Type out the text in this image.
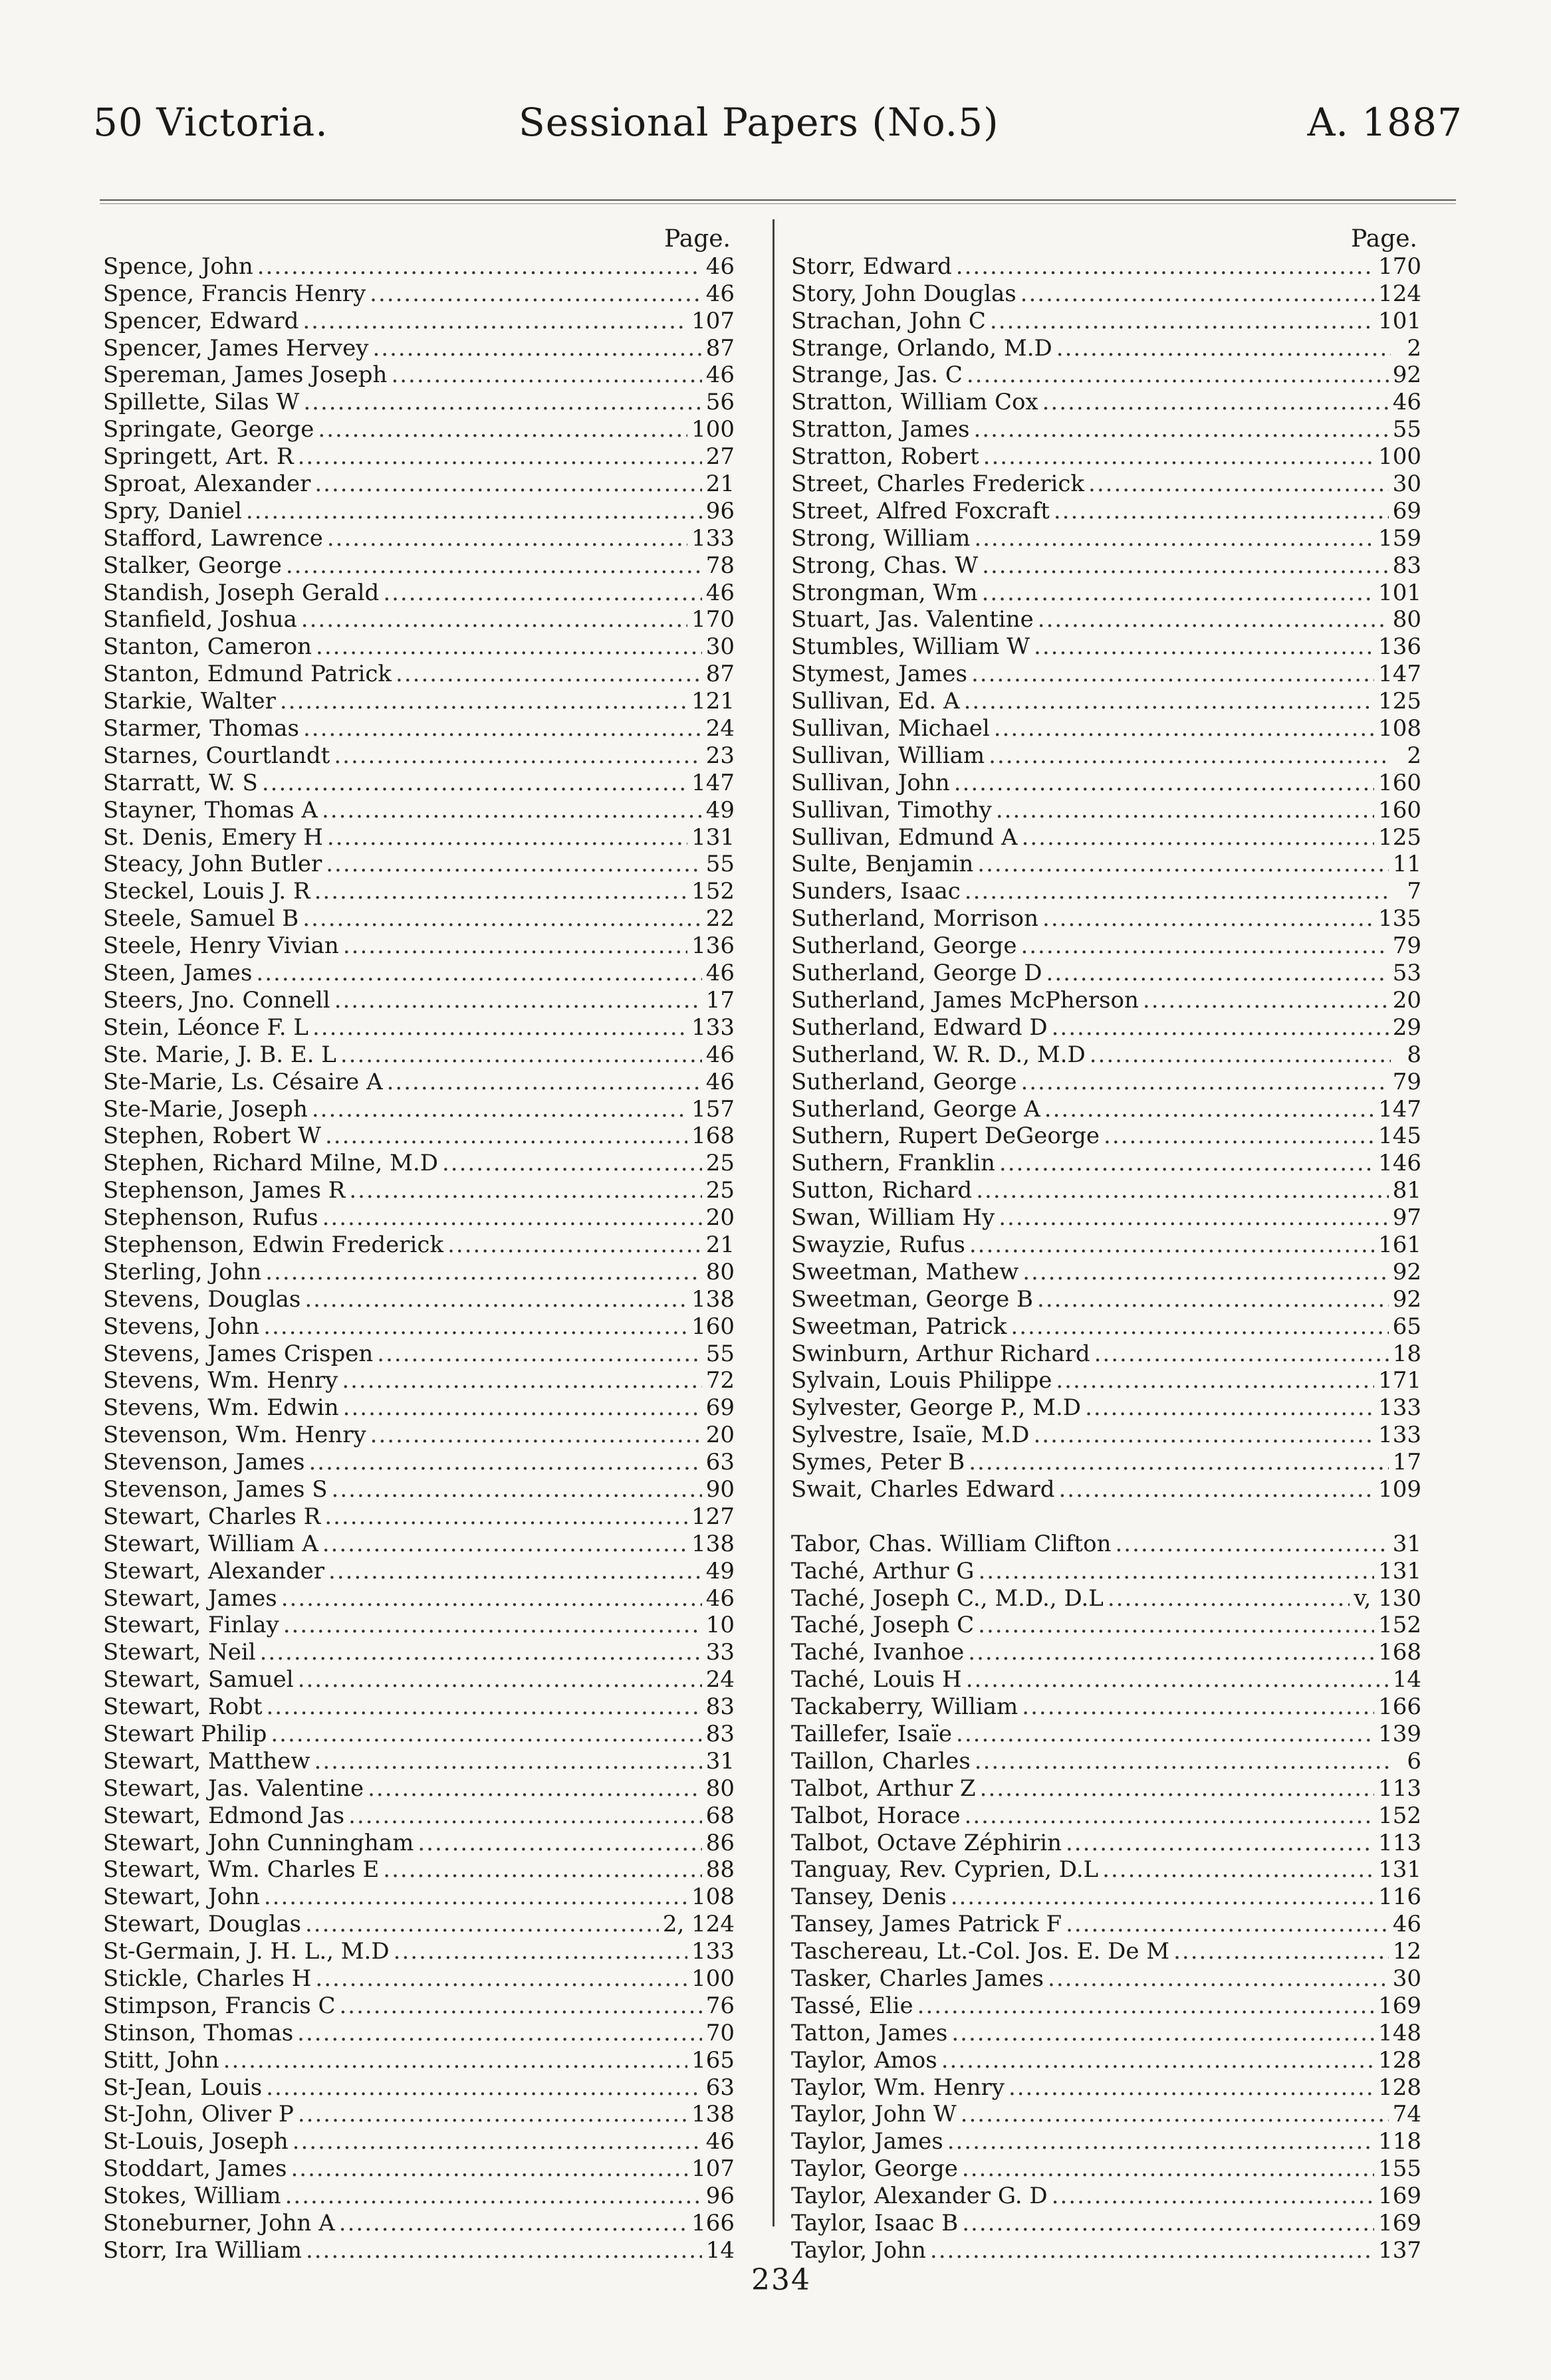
50 Victoria.	Sessional Papers (No.5)	A. 1887
Page.
Spence, John .....	46
Spence, Francis Henry .....	46
Spencer, Edward .....	107
Spencer, James Hervey .....	87
Spereman, James Joseph .....	46
Spillette, Silas W .....	56
Springate, George .....	100
Springett, Art. R .....	27
Sproat, Alexander .....	21
Spry, Daniel .....	96
Stafford, Lawrence .....	133
Stalker, George .....	78
Standish, Joseph Gerald .....	46
Stanfield, Joshua .....	170
Stanton, Cameron .....	30
Stanton, Edmund Patrick .....	87
Starkie, Walter .....	121
Starmer, Thomas .....	24
Starnes, Courtlandt .....	23
Starratt, W. S .....	147
Stayner, Thomas A .....	49
St. Denis, Emery H .....	131
Steacy, John Butler .....	55
Steckel, Louis J. R .....	152
Steele, Samuel B .....	22
Steele, Henry Vivian .....	136
Steen, James .....	46
Steers, Jno. Connell .....	17
Stein, Léonce F. L .....	133
Ste. Marie, J. B. E. L .....	46
Ste-Marie, Ls. Césaire A .....	46
Ste-Marie, Joseph .....	157
Stephen, Robert W .....	168
Stephen, Richard Milne, M.D .....	25
Stephenson, James R .....	25
Stephenson, Rufus .....	20
Stephenson, Edwin Frederick .....	21
Sterling, John .....	80
Stevens, Douglas .....	138
Stevens, John .....	160
Stevens, James Crispen .....	55
Stevens, Wm. Henry .....	72
Stevens, Wm. Edwin .....	69
Stevenson, Wm. Henry .....	20
Stevenson, James .....	63
Stevenson, James S .....	90
Stewart, Charles R .....	127
Stewart, William A .....	138
Stewart, Alexander .....	49
Stewart, James .....	46
Stewart, Finlay .....	10
Stewart, Neil .....	33
Stewart, Samuel .....	24
Stewart, Robt .....	83
Stewart Philip .....	83
Stewart, Matthew .....	31
Stewart, Jas. Valentine .....	80
Stewart, Edmond Jas .....	68
Stewart, John Cunningham .....	86
Stewart, Wm. Charles E .....	88
Stewart, John .....	108
Stewart, Douglas .....	2, 124
St-Germain, J. H. L., M.D .....	133
Stickle, Charles H .....	100
Stimpson, Francis C .....	76
Stinson, Thomas .....	70
Stitt, John .....	165
St-Jean, Louis .....	63
St-John, Oliver P .....	138
St-Louis, Joseph .....	46
Stoddart, James .....	107
Stokes, William .....	96
Stoneburner, John A .....	166
Storr, Ira William .....	14
Page.
Storr, Edward .....	170
Story, John Douglas .....	124
Strachan, John C .....	101
Strange, Orlando, M.D .....	2
Strange, Jas. C .....	92
Stratton, William Cox .....	46
Stratton, James .....	55
Stratton, Robert .....	100
Street, Charles Frederick .....	30
Street, Alfred Foxcraft .....	69
Strong, William .....	159
Strong, Chas. W .....	83
Strongman, Wm .....	101
Stuart, Jas. Valentine .....	80
Stumbles, William W .....	136
Stymest, James .....	147
Sullivan, Ed. A .....	125
Sullivan, Michael .....	108
Sullivan, William .....	2
Sullivan, John .....	160
Sullivan, Timothy .....	160
Sullivan, Edmund A .....	125
Sulte, Benjamin .....	11
Sunders, Isaac .....	7
Sutherland, Morrison .....	135
Sutherland, George .....	79
Sutherland, George D .....	53
Sutherland, James McPherson .....	20
Sutherland, Edward D .....	29
Sutherland, W. R. D., M.D .....	8
Sutherland, George .....	79
Sutherland, George A .....	147
Suthern, Rupert DeGeorge .....	145
Suthern, Franklin .....	146
Sutton, Richard .....	81
Swan, William Hy .....	97
Swayzie, Rufus .....	161
Sweetman, Mathew .....	92
Sweetman, George B .....	92
Sweetman, Patrick .....	65
Swinburn, Arthur Richard .....	18
Sylvain, Louis Philippe .....	171
Sylvester, George P., M.D .....	133
Sylvestre, Isaïe, M.D .....	133
Symes, Peter B .....	17
Swait, Charles Edward .....	109
Tabor, Chas. William Clifton .....	31
Taché, Arthur G .....	131
Taché, Joseph C., M.D., D.L .....	v, 130
Taché, Joseph C .....	152
Taché, Ivanhoe .....	168
Taché, Louis H .....	14
Tackaberry, William .....	166
Taillefer, Isaïe .....	139
Taillon, Charles .....	6
Talbot, Arthur Z .....	113
Talbot, Horace .....	152
Talbot, Octave Zéphirin .....	113
Tanguay, Rev. Cyprien, D.L .....	131
Tansey, Denis .....	116
Tansey, James Patrick F .....	46
Taschereau, Lt.-Col. Jos. E. De M .....	12
Tasker, Charles James .....	30
Tassé, Elie .....	169
Tatton, James .....	148
Taylor, Amos .....	128
Taylor, Wm. Henry .....	128
Taylor, John W .....	74
Taylor, James .....	118
Taylor, George .....	155
Taylor, Alexander G. D .....	169
Taylor, Isaac B .....	169
Taylor, John .....	137
234
